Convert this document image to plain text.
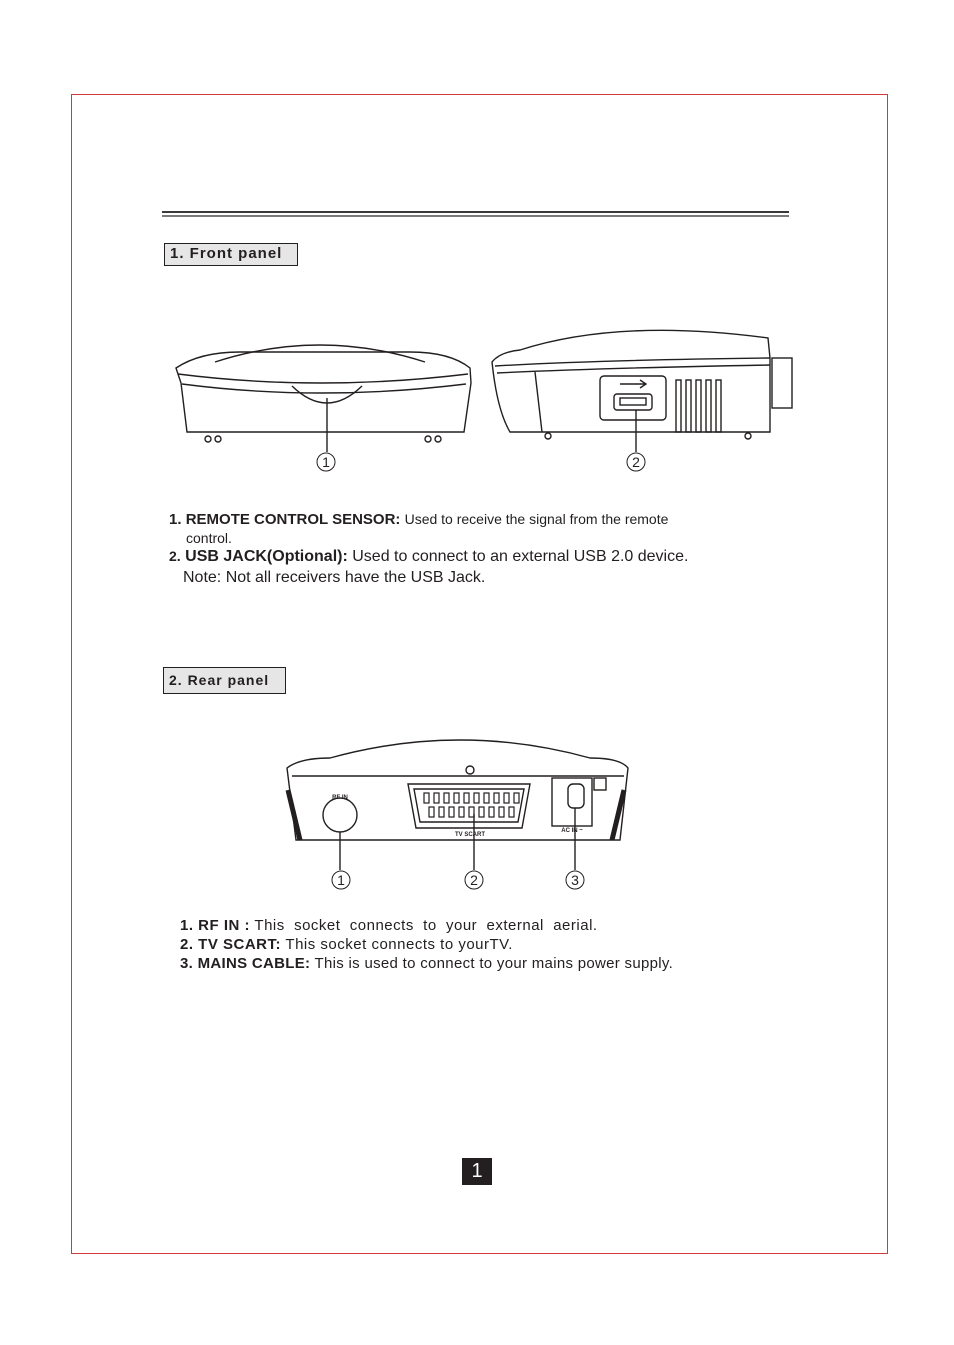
1. Front panel
1	2
1	2	3
RF IN
TV SCART
AC IN ~
1. REMOTE CONTROL SENSOR: Used to receive the signal from the remote
control.
2. USB JACK(Optional): Used to connect to an external USB 2.0 device.
Note: Not all receivers have the USB Jack.
2. Rear panel
1. RF IN : This  socket  connects  to  your  external  aerial.
2. TV SCART: This socket connects to yourTV.
3. MAINS CABLE: This is used to connect to your mains power supply.
1
